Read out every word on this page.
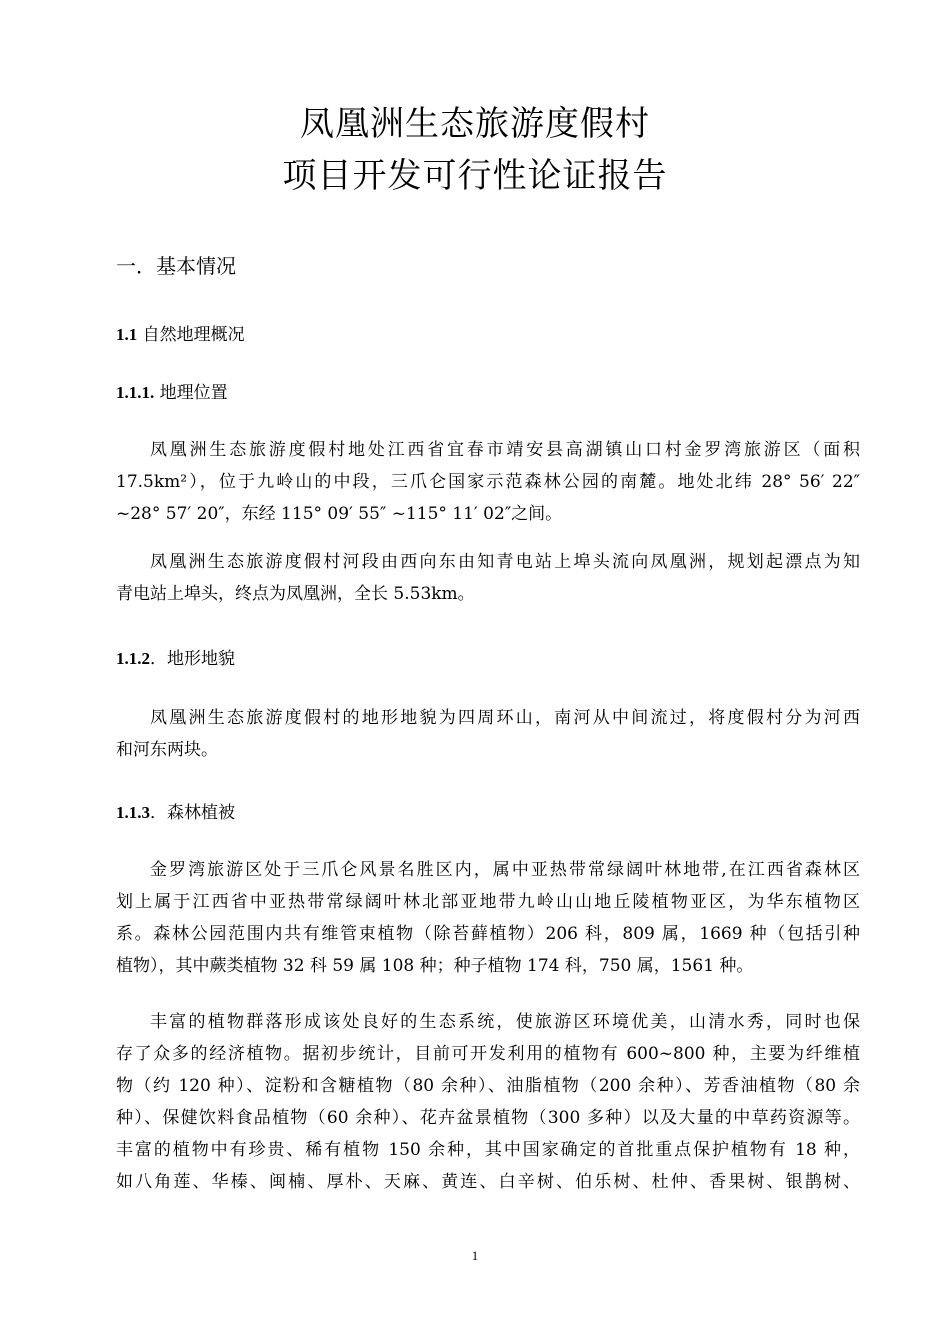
凤凰洲生态旅游度假村
项目开发可行性论证报告
一．基本情况
1.1 自然地理概况
1.1.1. 地理位置
凤凰洲生态旅游度假村地处江西省宜春市靖安县高湖镇山口村金罗湾旅游区（面积
17.5km²），位于九岭山的中段，三爪仑国家示范森林公园的南麓。地处北纬 28° 56′ 22″
~28° 57′ 20″，东经 115° 09′ 55″ ~115° 11′ 02″之间。
凤凰洲生态旅游度假村河段由西向东由知青电站上埠头流向凤凰洲，规划起漂点为知
青电站上埠头，终点为凤凰洲，全长 5.53km。
1.1.2．地形地貌
凤凰洲生态旅游度假村的地形地貌为四周环山，南河从中间流过，将度假村分为河西
和河东两块。
1.1.3．森林植被
金罗湾旅游区处于三爪仑风景名胜区内，属中亚热带常绿阔叶林地带,在江西省森林区
划上属于江西省中亚热带常绿阔叶林北部亚地带九岭山山地丘陵植物亚区，为华东植物区
系。森林公园范围内共有维管束植物（除苔藓植物）206 科，809 属，1669 种（包括引种
植物），其中蕨类植物 32 科 59 属 108 种；种子植物 174 科，750 属，1561 种。
丰富的植物群落形成该处良好的生态系统，使旅游区环境优美，山清水秀，同时也保
存了众多的经济植物。据初步统计，目前可开发利用的植物有 600~800 种，主要为纤维植
物（约 120 种）、淀粉和含糖植物（80 余种）、油脂植物（200 余种）、芳香油植物（80 余
种）、保健饮料食品植物（60 余种）、花卉盆景植物（300 多种）以及大量的中草药资源等。
丰富的植物中有珍贵、稀有植物 150 余种，其中国家确定的首批重点保护植物有 18 种，
如八角莲、华榛、闽楠、厚朴、天麻、黄连、白辛树、伯乐树、杜仲、香果树、银鹊树、
1
